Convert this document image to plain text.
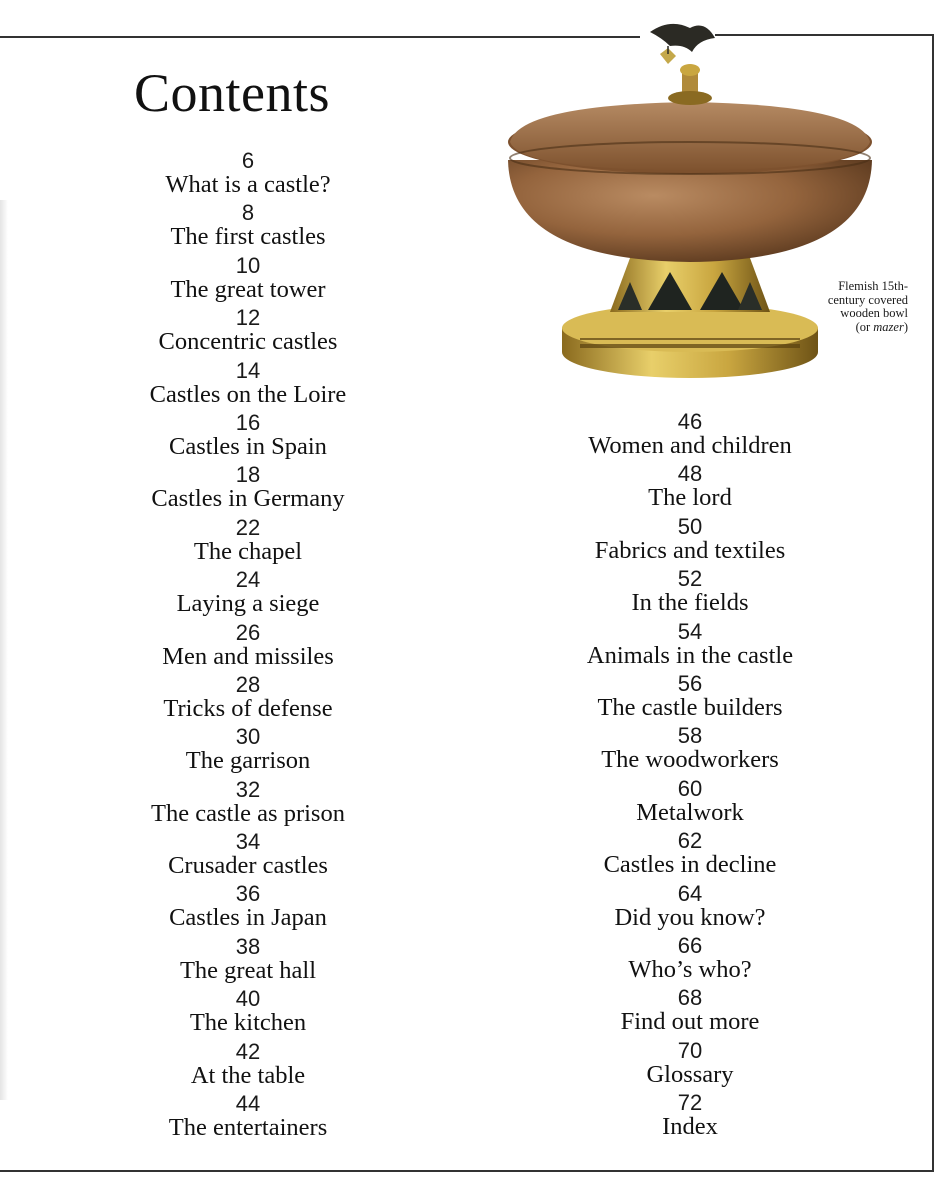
Contents
Flemish 15th-
century covered
wooden bowl
(or mazer)
6
What is a castle?
8
The first castles
10
The great tower
12
Concentric castles
14
Castles on the Loire
16
Castles in Spain
18
Castles in Germany
22
The chapel
24
Laying a siege
26
Men and missiles
28
Tricks of defense
30
The garrison
32
The castle as prison
34
Crusader castles
36
Castles in Japan
38
The great hall
40
The kitchen
42
At the table
44
The entertainers
46
Women and children
48
The lord
50
Fabrics and textiles
52
In the fields
54
Animals in the castle
56
The castle builders
58
The woodworkers
60
Metalwork
62
Castles in decline
64
Did you know?
66
Who’s who?
68
Find out more
70
Glossary
72
Index
